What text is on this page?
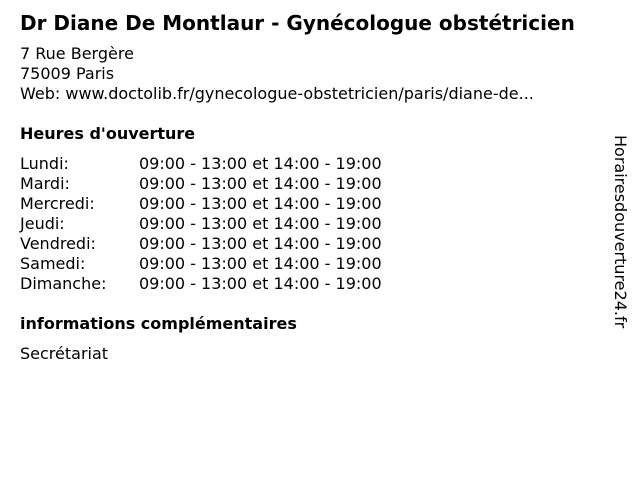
Dr Diane De Montlaur - Gynécologue obstétricien
7 Rue Bergère
75009 Paris
Web: www.doctolib.fr/gynecologue-obstetricien/paris/diane-de...
Heures d'ouverture
Lundi:	09:00 - 13:00 et 14:00 - 19:00
Mardi:	09:00 - 13:00 et 14:00 - 19:00
Mercredi:	09:00 - 13:00 et 14:00 - 19:00
Jeudi:	09:00 - 13:00 et 14:00 - 19:00
Vendredi:	09:00 - 13:00 et 14:00 - 19:00
Samedi:	09:00 - 13:00 et 14:00 - 19:00
Dimanche:	09:00 - 13:00 et 14:00 - 19:00
informations complémentaires
Secrétariat
Horairesdouverture24.fr
